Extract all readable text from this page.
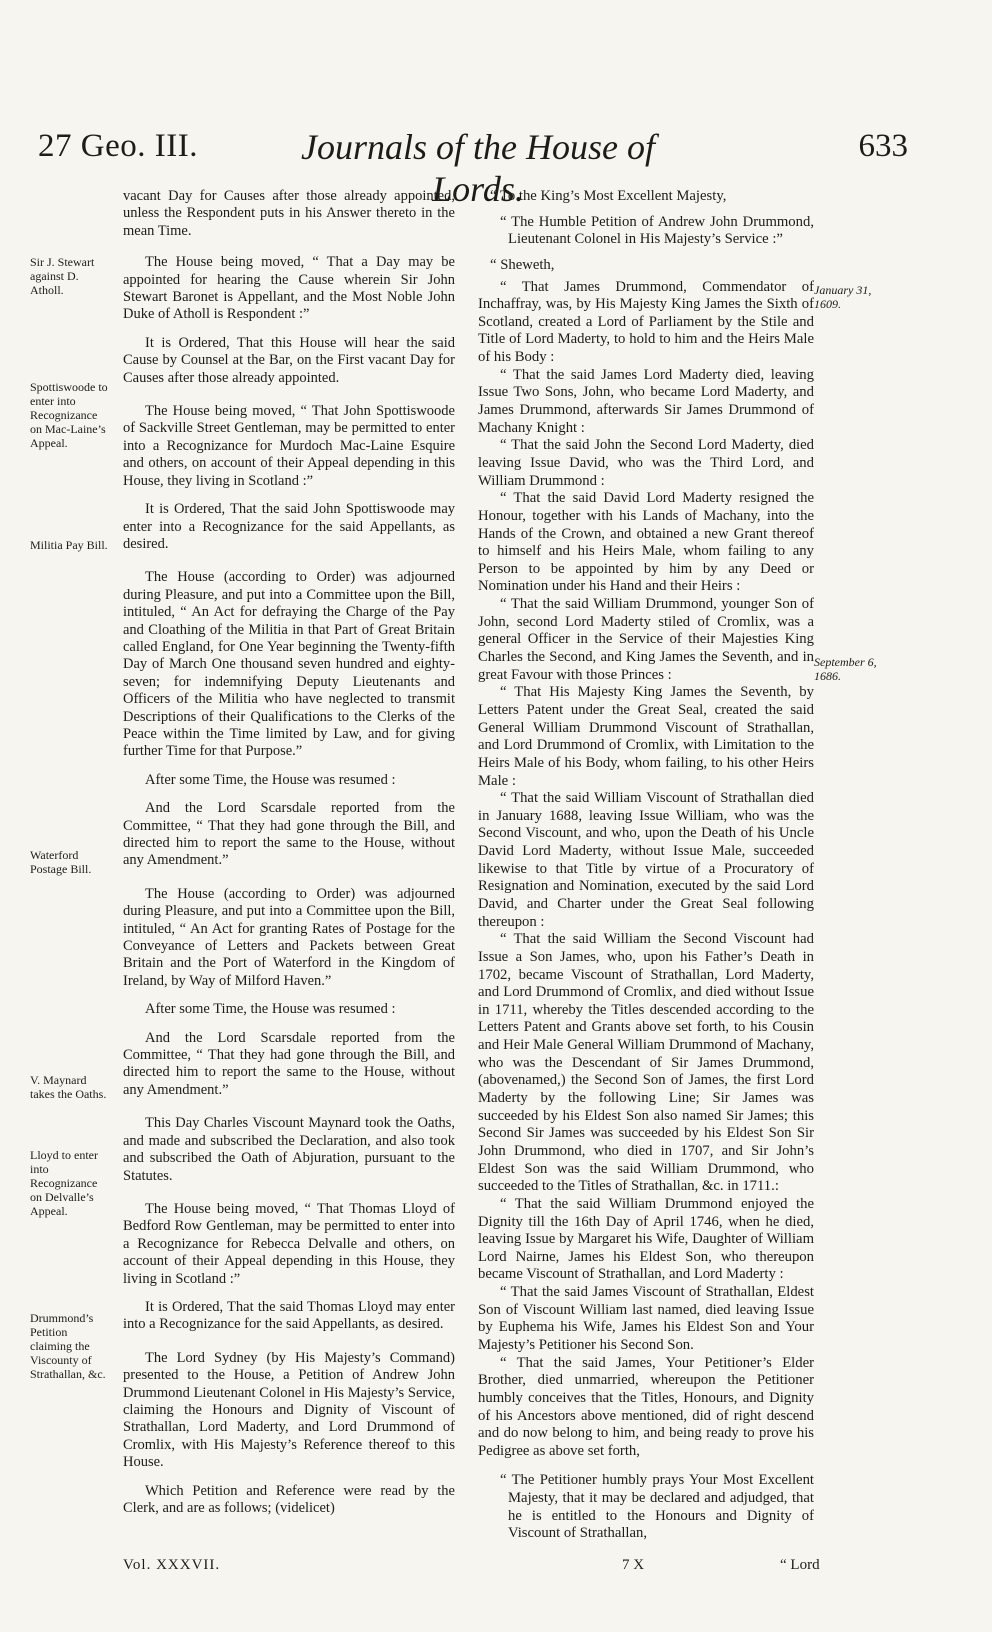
27 Geo. III.	Journals of the House of Lords.
633
Sir J. Stewart against D. Atholl.
Spottiswoode to enter into Recognizance on Mac-Laine’s Appeal.
Militia Pay Bill.
Waterford Postage Bill.
V. Maynard takes the Oaths.
Lloyd to enter into Recognizance on Delvalle’s Appeal.
Drummond’s Petition claiming the Viscounty of Strathallan, &c.

vacant Day for Causes after those already appointed, unless the Respondent puts in his Answer thereto in the mean Time.

The House being moved, “ That a Day may be appointed for hearing the Cause wherein Sir John Stewart Baronet is Appellant, and the Most Noble John Duke of Atholl is Respondent :”

It is Ordered, That this House will hear the said Cause by Counsel at the Bar, on the First vacant Day for Causes after those already appointed.

The House being moved, “ That John Spottiswoode of Sackville Street Gentleman, may be permitted to enter into a Recognizance for Murdoch Mac-Laine Esquire and others, on account of their Appeal depending in this House, they living in Scotland :”

It is Ordered, That the said John Spottiswoode may enter into a Recognizance for the said Appellants, as desired.

The House (according to Order) was adjourned during Pleasure, and put into a Committee upon the Bill, intituled, “ An Act for defraying the Charge of the Pay and Cloathing of the Militia in that Part of Great Britain called England, for One Year beginning the Twenty-fifth Day of March One thousand seven hundred and eighty-seven; for indemnifying Deputy Lieutenants and Officers of the Militia who have neglected to transmit Descriptions of their Qualifications to the Clerks of the Peace within the Time limited by Law, and for giving further Time for that Purpose.”

After some Time, the House was resumed :

And the Lord Scarsdale reported from the Committee, “ That they had gone through the Bill, and directed him to report the same to the House, without any Amendment.”

The House (according to Order) was adjourned during Pleasure, and put into a Committee upon the Bill, intituled, “ An Act for granting Rates of Postage for the Conveyance of Letters and Packets between Great Britain and the Port of Waterford in the Kingdom of Ireland, by Way of Milford Haven.”

After some Time, the House was resumed :

And the Lord Scarsdale reported from the Committee, “ That they had gone through the Bill, and directed him to report the same to the House, without any Amendment.”

This Day Charles Viscount Maynard took the Oaths, and made and subscribed the Declaration, and also took and subscribed the Oath of Abjuration, pursuant to the Statutes.

The House being moved, “ That Thomas Lloyd of Bedford Row Gentleman, may be permitted to enter into a Recognizance for Rebecca Delvalle and others, on account of their Appeal depending in this House, they living in Scotland :”

It is Ordered, That the said Thomas Lloyd may enter into a Recognizance for the said Appellants, as desired.

The Lord Sydney (by His Majesty’s Command) presented to the House, a Petition of Andrew John Drummond Lieutenant Colonel in His Majesty’s Service, claiming the Honours and Dignity of Viscount of Strathallan, Lord Maderty, and Lord Drummond of Cromlix, with His Majesty’s Reference thereof to this House.

Which Petition and Reference were read by the Clerk, and are as follows; (videlicet)

“ To the King’s Most Excellent Majesty,

“ The Humble Petition of Andrew John Drummond, Lieutenant Colonel in His Majesty’s Service :”

“ Sheweth,

“ That James Drummond, Commendator of Inchaffray, was, by His Majesty King James the Sixth of Scotland, created a Lord of Parliament by the Stile and Title of Lord Maderty, to hold to him and the Heirs Male of his Body :

“ That the said James Lord Maderty died, leaving Issue Two Sons, John, who became Lord Maderty, and James Drummond, afterwards Sir James Drummond of Machany Knight :

“ That the said John the Second Lord Maderty, died leaving Issue David, who was the Third Lord, and William Drummond :

“ That the said David Lord Maderty resigned the Honour, together with his Lands of Machany, into the Hands of the Crown, and obtained a new Grant thereof to himself and his Heirs Male, whom failing to any Person to be appointed by him by any Deed or Nomination under his Hand and their Heirs :

“ That the said William Drummond, younger Son of John, second Lord Maderty stiled of Cromlix, was a general Officer in the Service of their Majesties King Charles the Second, and King James the Seventh, and in great Favour with those Princes :

“ That His Majesty King James the Seventh, by Letters Patent under the Great Seal, created the said General William Drummond Viscount of Strathallan, and Lord Drummond of Cromlix, with Limitation to the Heirs Male of his Body, whom failing, to his other Heirs Male :

“ That the said William Viscount of Strathallan died in January 1688, leaving Issue William, who was the Second Viscount, and who, upon the Death of his Uncle David Lord Maderty, without Issue Male, succeeded likewise to that Title by virtue of a Procuratory of Resignation and Nomination, executed by the said Lord David, and Charter under the Great Seal following thereupon :

“ That the said William the Second Viscount had Issue a Son James, who, upon his Father’s Death in 1702, became Viscount of Strathallan, Lord Maderty, and Lord Drummond of Cromlix, and died without Issue in 1711, whereby the Titles descended according to the Letters Patent and Grants above set forth, to his Cousin and Heir Male General William Drummond of Machany, who was the Descendant of Sir James Drummond, (abovenamed,) the Second Son of James, the first Lord Maderty by the following Line; Sir James was succeeded by his Eldest Son also named Sir James; this Second Sir James was succeeded by his Eldest Son Sir John Drummond, who died in 1707, and Sir John’s Eldest Son was the said William Drummond, who succeeded to the Titles of Strathallan, &c. in 1711.:

“ That the said William Drummond enjoyed the Dignity till the 16th Day of April 1746, when he died, leaving Issue by Margaret his Wife, Daughter of William Lord Nairne, James his Eldest Son, who thereupon became Viscount of Strathallan, and Lord Maderty :

“ That the said James Viscount of Strathallan, Eldest Son of Viscount William last named, died leaving Issue by Euphema his Wife, James his Eldest Son and Your Majesty’s Petitioner his Second Son.

“ That the said James, Your Petitioner’s Elder Brother, died unmarried, whereupon the Petitioner humbly conceives that the Titles, Honours, and Dignity of his Ancestors above mentioned, did of right descend and do now belong to him, and being ready to prove his Pedigree as above set forth,

“ The Petitioner humbly prays Your Most Excellent Majesty, that it may be declared and adjudged, that he is entitled to the Honours and Dignity of Viscount of Strathallan,

January 31, 1609.
September 6, 1686.
Vol. XXXVII.	7 X	“ Lord
